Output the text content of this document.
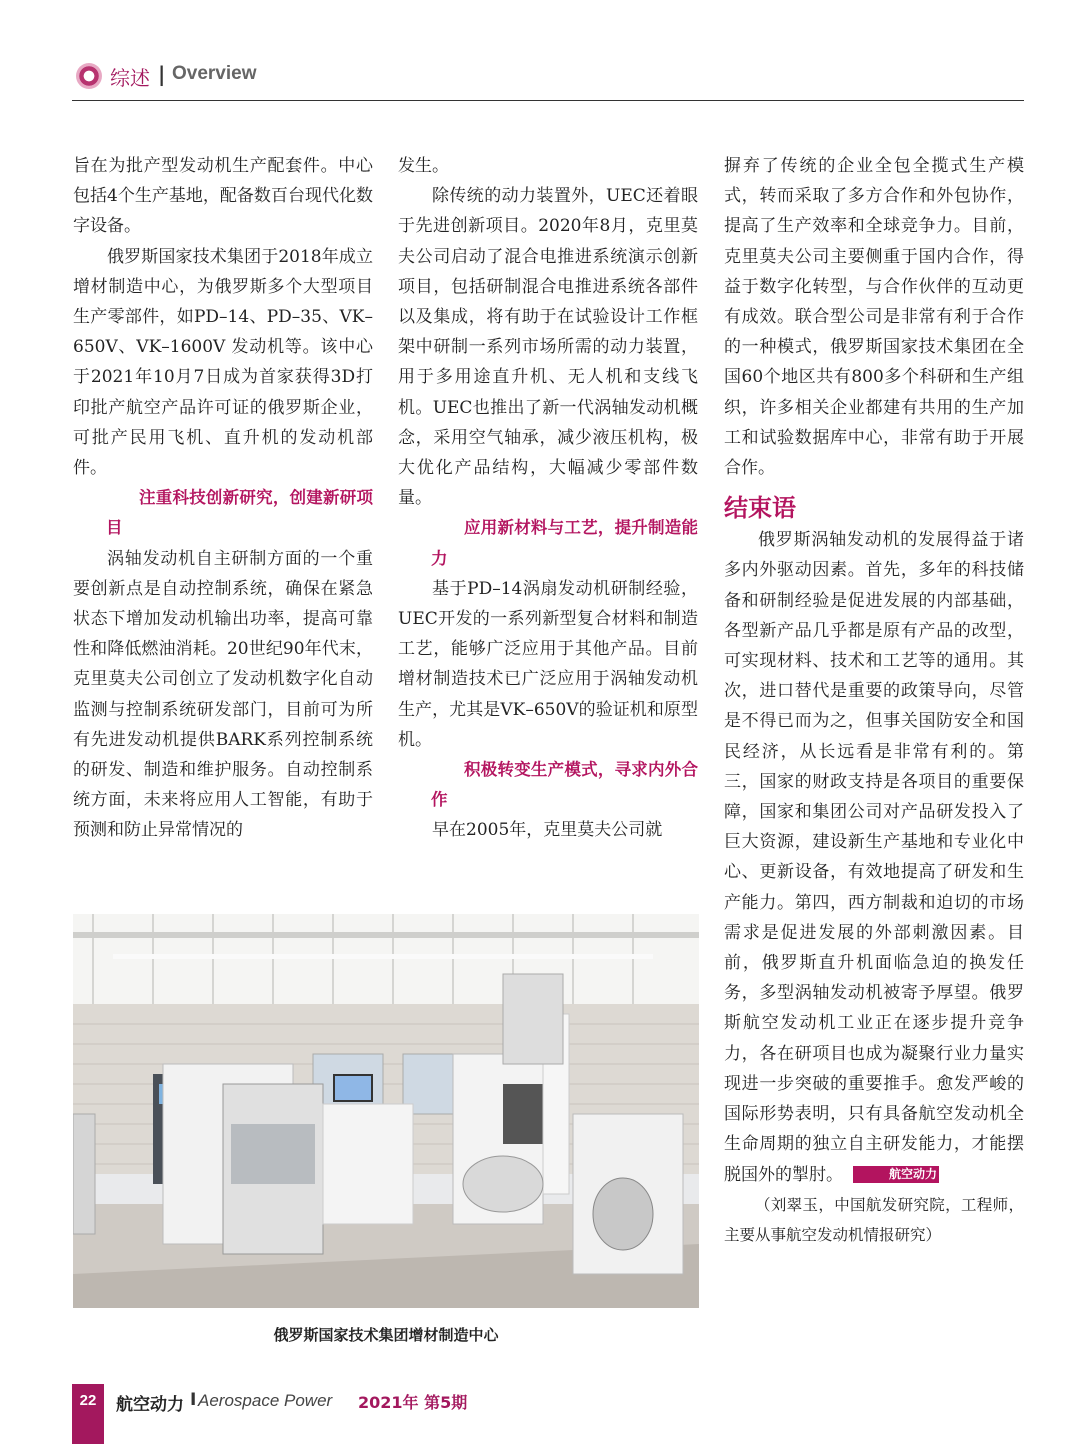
综述 | Overview

旨在为批产型发动机生产配套件。中心包括4个生产基地，配备数百台现代化数字设备。

俄罗斯国家技术集团于2018年成立增材制造中心，为俄罗斯多个大型项目生产零部件，如PD–14、PD–35、VK–650V、VK–1600V 发动机等。该中心于2021年10月7日成为首家获得3D打印批产航空产品许可证的俄罗斯企业，可批产民用飞机、直升机的发动机部件。

注重科技创新研究，创建新研项目

涡轴发动机自主研制方面的一个重要创新点是自动控制系统，确保在紧急状态下增加发动机输出功率，提高可靠性和降低燃油消耗。20世纪90年代末，克里莫夫公司创立了发动机数字化自动监测与控制系统研发部门，目前可为所有先进发动机提供BARK系列控制系统的研发、制造和维护服务。自动控制系统方面，未来将应用人工智能，有助于预测和防止异常情况的

发生。

除传统的动力装置外，UEC还着眼于先进创新项目。2020年8月，克里莫夫公司启动了混合电推进系统演示创新项目，包括研制混合电推进系统各部件以及集成，将有助于在试验设计工作框架中研制一系列市场所需的动力装置，用于多用途直升机、无人机和支线飞机。UEC也推出了新一代涡轴发动机概念，采用空气轴承，减少液压机构，极大优化产品结构，大幅减少零部件数量。

应用新材料与工艺，提升制造能力

基于PD–14涡扇发动机研制经验，UEC开发的一系列新型复合材料和制造工艺，能够广泛应用于其他产品。目前增材制造技术已广泛应用于涡轴发动机生产，尤其是VK–650V的验证机和原型机。

积极转变生产模式，寻求内外合作

早在2005年，克里莫夫公司就

摒弃了传统的企业全包全揽式生产模式，转而采取了多方合作和外包协作，提高了生产效率和全球竞争力。目前，克里莫夫公司主要侧重于国内合作，得益于数字化转型，与合作伙伴的互动更有成效。联合型公司是非常有利于合作的一种模式，俄罗斯国家技术集团在全国60个地区共有800多个科研和生产组织，许多相关企业都建有共用的生产加工和试验数据库中心，非常有助于开展合作。

结束语

俄罗斯涡轴发动机的发展得益于诸多内外驱动因素。首先，多年的科技储备和研制经验是促进发展的内部基础，各型新产品几乎都是原有产品的改型，可实现材料、技术和工艺等的通用。其次，进口替代是重要的政策导向，尽管是不得已而为之，但事关国防安全和国民经济，从长远看是非常有利的。第三，国家的财政支持是各项目的重要保障，国家和集团公司对产品研发投入了巨大资源，建设新生产基地和专业化中心、更新设备，有效地提高了研发和生产能力。第四，西方制裁和迫切的市场需求是促进发展的外部刺激因素。目前，俄罗斯直升机面临急迫的换发任务，多型涡轴发动机被寄予厚望。俄罗斯航空发动机工业正在逐步提升竞争力，各在研项目也成为凝聚行业力量实现进一步突破的重要推手。愈发严峻的国际形势表明，只有具备航空发动机全生命周期的独立自主研发能力，才能摆脱国外的掣肘。	航空动力

（刘翠玉，中国航发研究院，工程师，主要从事航空发动机情报研究）

俄罗斯国家技术集团增材制造中心
22	航空动力 I Aerospace Power 2021年 第5期
